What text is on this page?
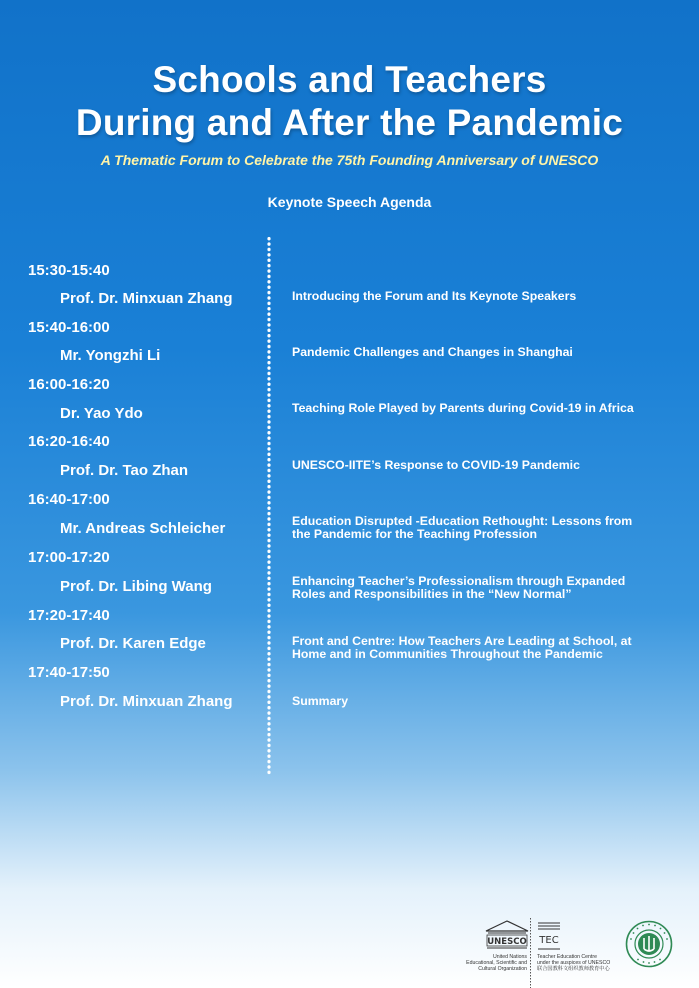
Schools and Teachers
During and After the Pandemic
A Thematic Forum to Celebrate the 75th Founding Anniversary of UNESCO
Keynote Speech Agenda
15:30-15:40
Prof. Dr. Minxuan Zhang	Introducing the Forum and Its Keynote Speakers
15:40-16:00
Mr. Yongzhi Li	Pandemic Challenges and Changes in Shanghai
16:00-16:20
Dr. Yao Ydo	Teaching Role Played by Parents during Covid-19 in Africa
16:20-16:40
Prof. Dr. Tao Zhan	UNESCO-IITE’s Response to COVID-19 Pandemic
16:40-17:00
Mr. Andreas Schleicher	Education Disrupted -Education Rethought: Lessons from
the Pandemic for the Teaching Profession
17:00-17:20
Prof. Dr. Libing Wang	Enhancing Teacher’s Professionalism through Expanded
Roles and Responsibilities in the “New Normal”
17:20-17:40
Prof. Dr. Karen Edge	Front and Centre: How Teachers Are Leading at School, at
Home and in Communities Throughout the Pandemic
17:40-17:50
Prof. Dr. Minxuan Zhang	Summary
UNESCO
United Nations
Educational, Scientific and
Cultural Organization
TEC
Teacher Education Centre
under the auspices of UNESCO
联合国教科文组织教师教育中心
